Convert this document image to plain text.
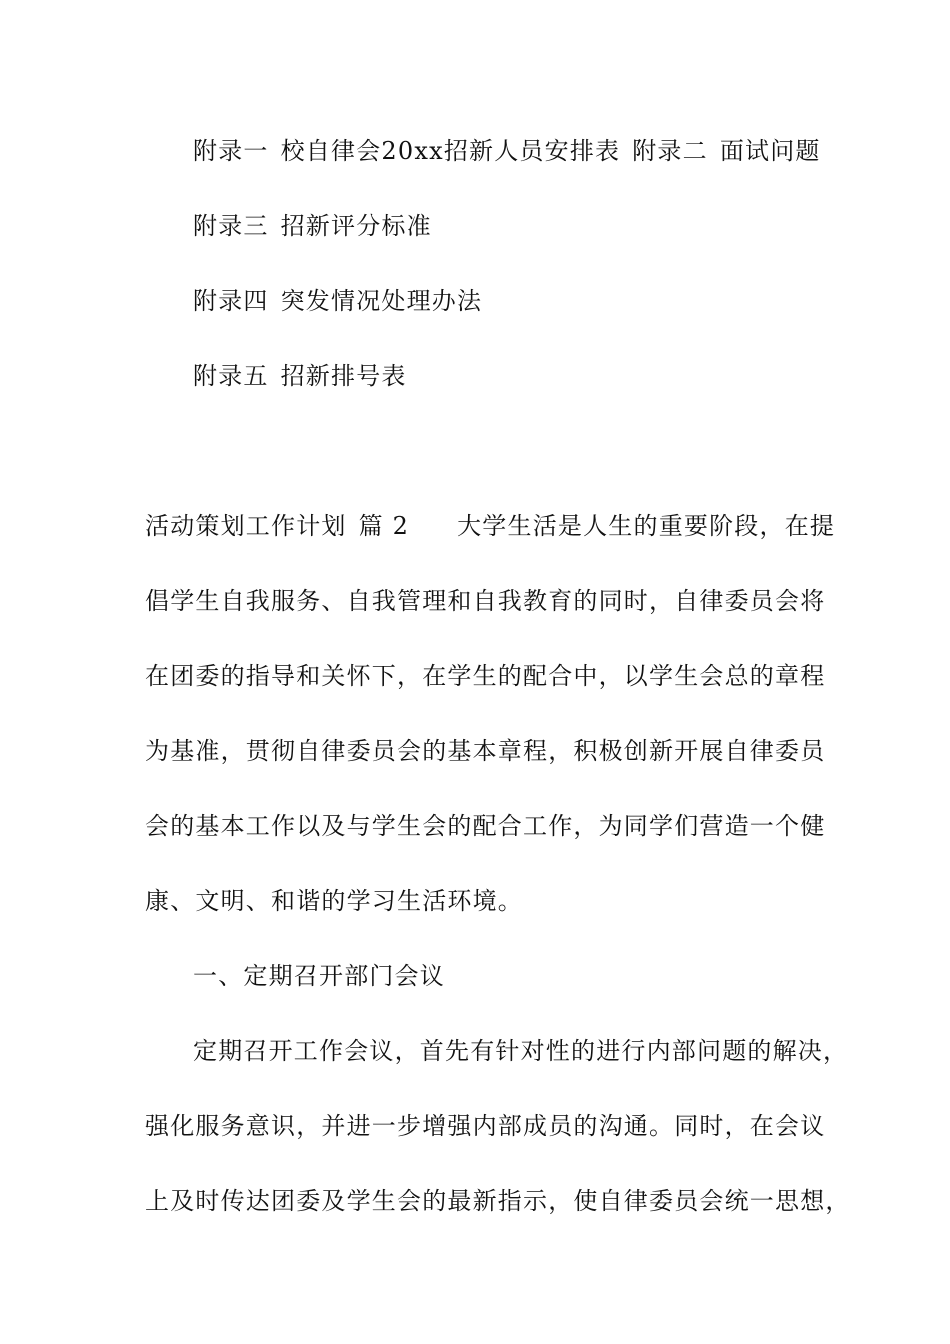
附录一 校自律会20xx招新人员安排表 附录二 面试问题
附录三 招新评分标准
附录四 突发情况处理办法
附录五 招新排号表
活动策划工作计划 篇 2 大学生活是人生的重要阶段，在提
倡学生自我服务、自我管理和自我教育的同时，自律委员会将
在团委的指导和关怀下，在学生的配合中，以学生会总的章程
为基准，贯彻自律委员会的基本章程，积极创新开展自律委员
会的基本工作以及与学生会的配合工作，为同学们营造一个健
康、文明、和谐的学习生活环境。
一、定期召开部门会议
定期召开工作会议，首先有针对性的进行内部问题的解决，
强化服务意识，并进一步增强内部成员的沟通。同时，在会议
上及时传达团委及学生会的最新指示，使自律委员会统一思想，
